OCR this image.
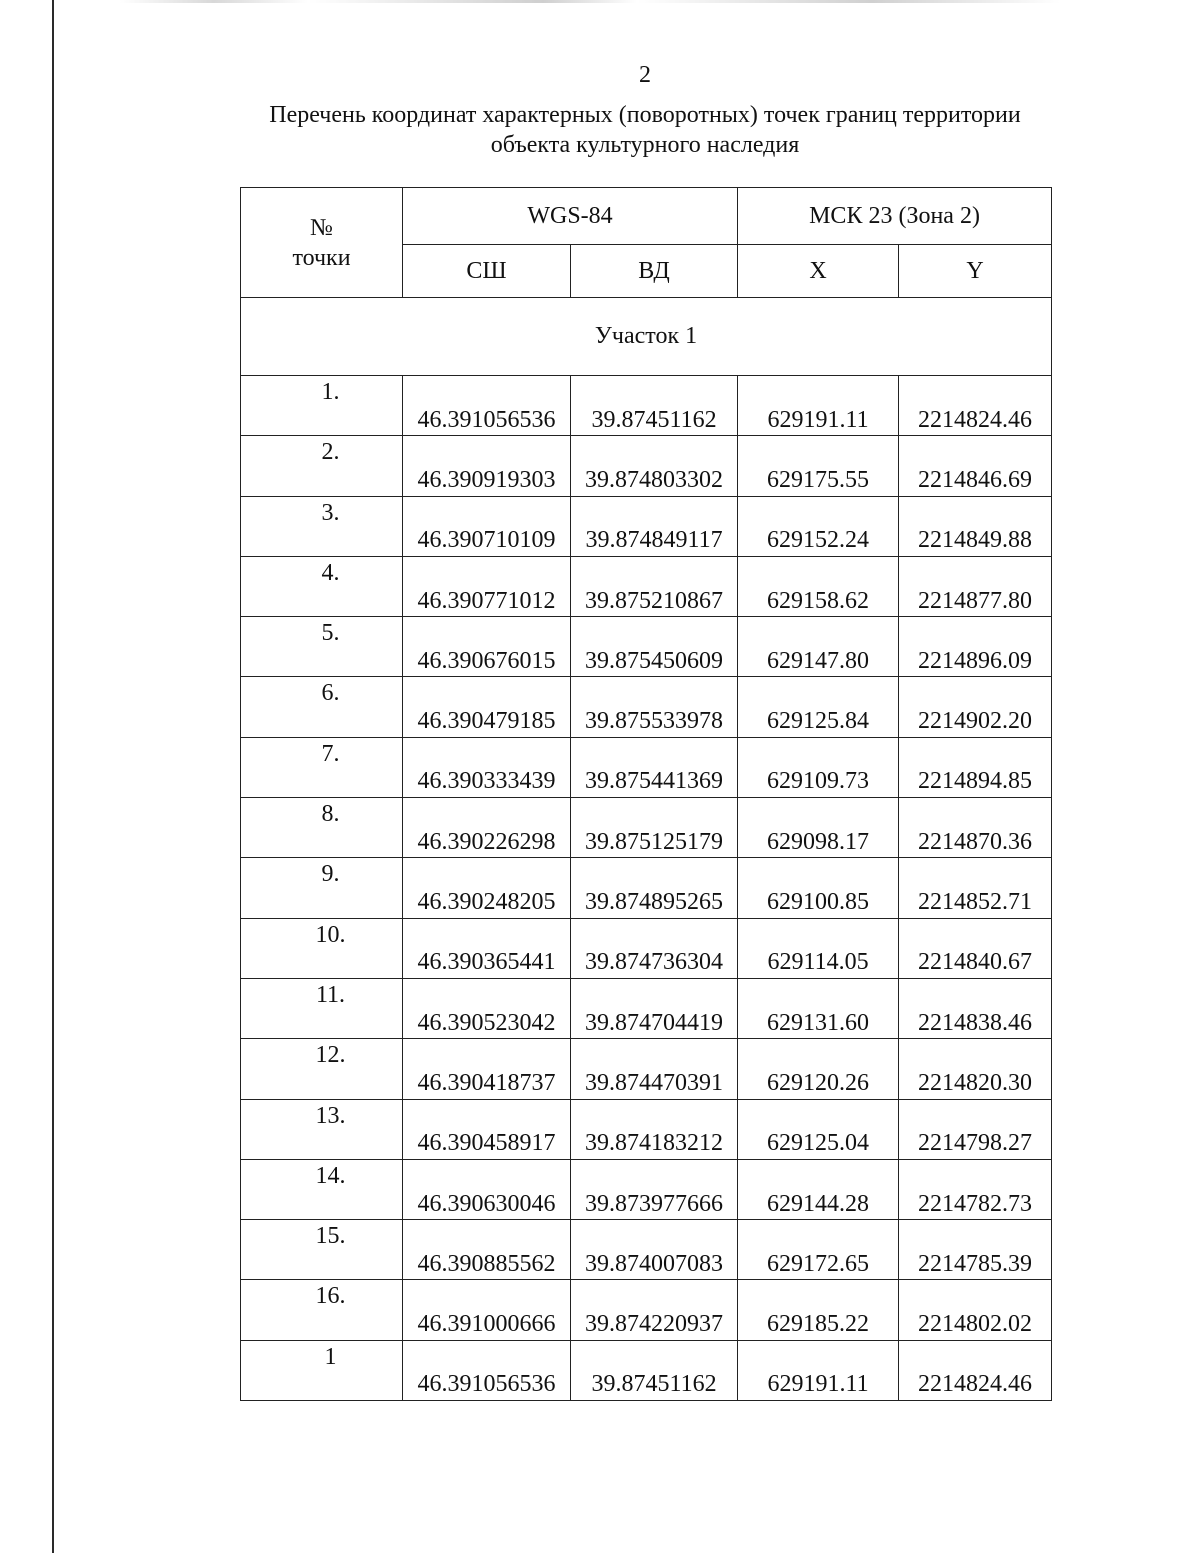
2
Перечень координат характерных (поворотных) точек границ территории
объекта культурного наследия
№
точки	WGS-84		МСК 23 (Зона 2)	
	СШ	ВД	X	Y
Участок 1				
1.	46.391056536	39.87451162	629191.11	2214824.46
2.	46.390919303	39.874803302	629175.55	2214846.69
3.	46.390710109	39.874849117	629152.24	2214849.88
4.	46.390771012	39.875210867	629158.62	2214877.80
5.	46.390676015	39.875450609	629147.80	2214896.09
6.	46.390479185	39.875533978	629125.84	2214902.20
7.	46.390333439	39.875441369	629109.73	2214894.85
8.	46.390226298	39.875125179	629098.17	2214870.36
9.	46.390248205	39.874895265	629100.85	2214852.71
10.	46.390365441	39.874736304	629114.05	2214840.67
11.	46.390523042	39.874704419	629131.60	2214838.46
12.	46.390418737	39.874470391	629120.26	2214820.30
13.	46.390458917	39.874183212	629125.04	2214798.27
14.	46.390630046	39.873977666	629144.28	2214782.73
15.	46.390885562	39.874007083	629172.65	2214785.39
16.	46.391000666	39.874220937	629185.22	2214802.02
1	46.391056536	39.87451162	629191.11	2214824.46
